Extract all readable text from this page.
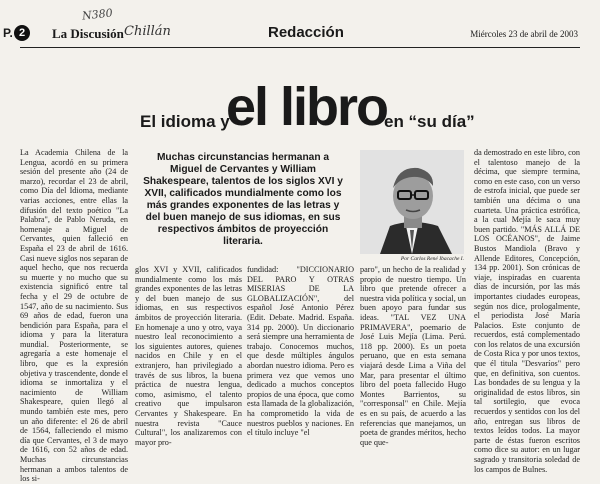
P. 2	La Discusión
N380
Chillán	Redacción	Miércoles 23 de abril de 2003
El idioma y
el libro
en “su día”

La Academia Chilena de la Lengua, acordó en su primera sesión del presente año (24 de marzo), recordar el 23 de abril, como Día del Idioma, mediante varias acciones, entre ellas la difusión del texto poético "La Palabra", de Pablo Neruda, en homenaje a Miguel de Cervantes, quien falleció en España el 23 de abril de 1616. Casi nueve siglos nos separan de aquel hecho, que nos recuerda su muerte y no mucho que su existencia significó entre tal fecha y el 29 de octubre de 1547, año de su nacimiento. Sus 69 años de edad, fueron una bendición para España, para el idioma y para la literatura mundial. Posteriormente, se agregaría a este homenaje el libro, que es la expresión objetiva y trascendente, donde el idioma se inmortaliza y el nacimiento de William Shakespeare, quien llegó al mundo también este mes, pero un año diferente: el 26 de abril de 1564, falleciendo el mismo día que Cervantes, el 3 de mayo de 1616, con 52 años de edad. Muchas circunstancias hermanan a ambos talentos de los si-

Muchas circunstancias hermanan a Miguel de Cervantes y William Shakespeare, talentos de los siglos XVI y XVII, calificados mundialmente como los más grandes exponentes de las letras y del buen manejo de sus idiomas, en sus respectivos ámbitos de proyección literaria.
Por Carlos René Ibacache I.

glos XVI y XVII, calificados mundialmente como los más grandes exponentes de las letras y del buen manejo de sus idiomas, en sus respectivos ámbitos de proyección literaria. En homenaje a uno y otro, vaya nuestro leal reconocimiento a los siguientes autores, quienes nacidos en Chile y en el extranjero, han privilegiado a través de sus libros, la buena práctica de nuestra lengua, como, asimismo, el talento creativo que impulsaron Cervantes y Shakespeare. En nuestra revista "Cauce Cultural", los analizaremos con mayor pro-

fundidad: "DICCIONARIO DEL PARO Y OTRAS MISERIAS DE LA GLOBALIZACIÓN", del español José Antonio Pérez (Edit. Debate. Madrid. España. 314 pp. 2000). Un diccionario será siempre una herramienta de trabajo. Conocemos muchos, que desde múltiples ángulos abordan nuestro idioma. Pero es primera vez que vemos uno dedicado a muchos conceptos propios de una época, que como esta llamada de la globalización, ha comprometido la vida de nuestros pueblos y naciones. En el título incluye "el

paro", un hecho de la realidad y propio de nuestro tiempo. Un libro que pretende ofrecer a nuestra vida política y social, un buen apoyo para fundar sus ideas. "TAL VEZ UNA PRIMAVERA", poemario de José Luis Mejía (Lima. Perú. 118 pp. 2000). Es un poeta peruano, que en esta semana viajará desde Lima a Viña del Mar, para presentar el último libro del poeta fallecido Hugo Montes Barrientos, su "corresponsal" en Chile. Mejía es en su país, de acuerdo a las referencias que manejamos, un poeta de grandes méritos, hecho que que-

da demostrado en este libro, con el talentoso manejo de la décima, que siempre termina, como en este caso, con un verso de estrofa inicial, que puede ser también una décima o una cuarteta. Una práctica estrófica, a la cual Mejía le saca muy buen partido. "MÁS ALLÁ DE LOS OCÉANOS", de Jaime Bustos Mandiola (Bravo y Allende Editores, Concepción, 134 pp. 2001). Son crónicas de viaje, inspiradas en cuarenta días de incursión, por las más importantes ciudades europeas, según nos dice, prologalmente, el periodista José María Palacios. Este conjunto de recuerdos, está complementado con los relatos de una excursión de Costa Rica y por unos textos, que él titula "Desvaríos" pero que, en definitiva, son cuentos. Las bondades de su lengua y la originalidad de estos libros, sin tal sortilegio, que evoca recuerdos y sentidos con los del año, entregan sus libros de textos leídos todos. La mayor parte de éstas fueron escritos como dice su autor: en un lugar sagrado y transitoria soledad de los campos de Bulnes.
